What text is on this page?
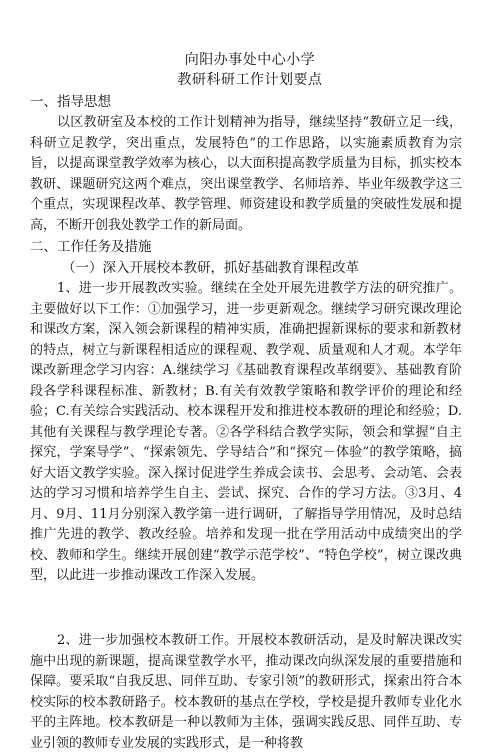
向阳办事处中心小学
教研科研工作计划要点
一、指导思想
以区教研室及本校的工作计划精神为指导，继续坚持“教研立足一线，科研立足教学，突出重点，发展特色”的工作思路，以实施素质教育为宗旨，以提高课堂教学效率为核心，以大面积提高教学质量为目标，抓实校本教研、课题研究这两个难点，突出课堂教学、名师培养、毕业年级教学这三个重点，实现课程改革、教学管理、师资建设和教学质量的突破性发展和提高，不断开创我处教学工作的新局面。
二、工作任务及措施
（一）深入开展校本教研，抓好基础教育课程改革
1、进一步开展教改实验。继续在全处开展先进教学方法的研究推广。主要做好以下工作：①加强学习，进一步更新观念。继续学习研究课改理论和课改方案，深入领会新课程的精神实质，准确把握新课标的要求和新教材的特点，树立与新课程相适应的课程观、教学观、质量观和人才观。本学年课改新理念学习内容：A.继续学习《基础教育课程改革纲要》、基础教育阶段各学科课程标准、新教材；B.有关有效教学策略和教学评价的理论和经验；C.有关综合实践活动、校本课程开发和推进校本教研的理论和经验；D.其他有关课程与教学理论专著。②各学科结合教学实际，领会和掌握“自主探究，学案导学”、“探索领先、学导结合”和“探究－体验”的教学策略，搞好大语文教学实验。深入探讨促进学生养成会读书、会思考、会动笔、会表达的学习习惯和培养学生自主、尝试、探究、合作的学习方法。③3月、4月、9月、11月分别深入教学第一进行调研，了解指导学用情况，及时总结推广先进的教学、教改经验。培养和发现一批在学用活动中成绩突出的学校、教师和学生。继续开展创建“教学示范学校”、“特色学校”，树立课改典型，以此进一步推动课改工作深入发展。
2、进一步加强校本教研工作。开展校本教研活动，是及时解决课改实施中出现的新课题，提高课堂教学水平，推动课改向纵深发展的重要措施和保障。要采取“自我反思、同伴互助、专家引领”的教研形式，探索出符合本校实际的校本教研路子。校本教研的基点在学校，学校是提升教师专业化水平的主阵地。校本教研是一种以教师为主体，强调实践反思、同伴互助、专业引领的教师专业发展的实践形式，是一种将教
